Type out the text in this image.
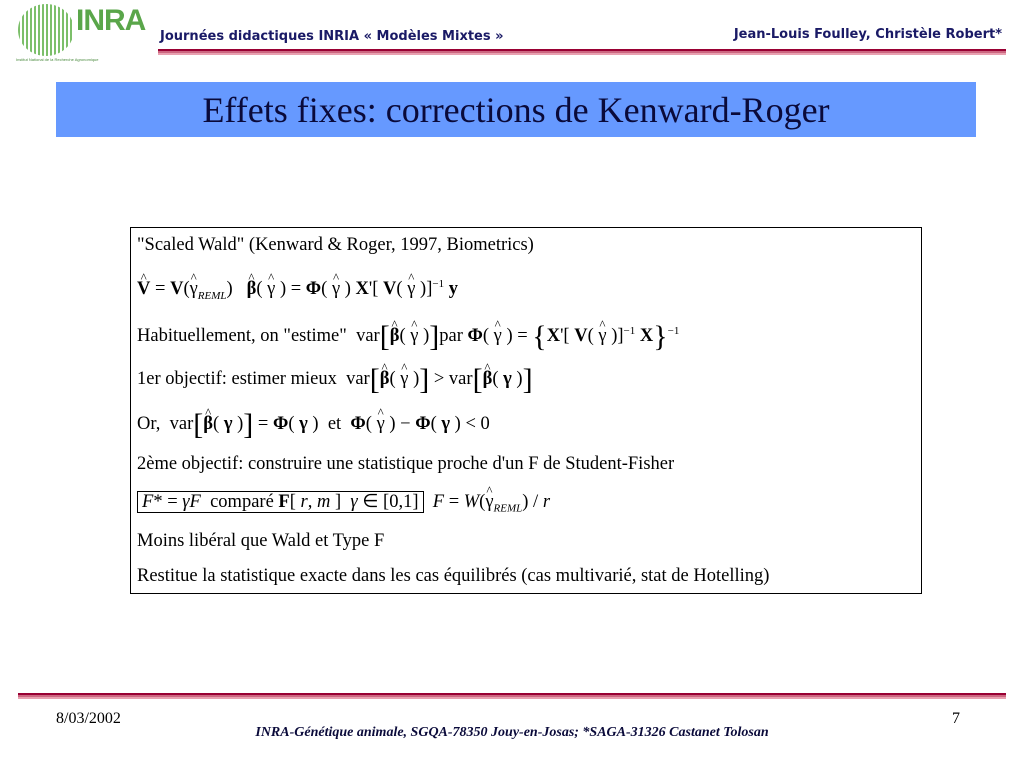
INRA
Institut National de la Recherche Agronomique
Journées didactiques INRIA « Modèles Mixtes »	Jean-Louis Foulley, Christèle Robert*
Effets fixes: corrections de Kenward-Roger
"Scaled Wald" (Kenward & Roger, 1997, Biometrics)
^ V = V(^ $\gamma_{REML}$)   ^ β( ^ γ ) = Φ( ^ γ ) X'[ V( ^ γ )]$^{-1}$ y
Habituellement, on "estime"  var[^ β( ^ γ )]par Φ( ^ γ ) = {X'[ V( ^ γ )]$^{-1}$ X}$^{-1}$
1er objectif: estimer mieux  var[^ β( ^ γ )] > var[^ β( γ )]
Or,  var[^ β( γ )] = Φ( γ )  et Φ( ^ γ ) − Φ( γ ) < 0
2ème objectif: construire une statistique proche d'un F de Student-Fisher
F* = γF comparé F[ r, m ]  γ ∈ [0,1] F = W(^ $\gamma_{REML}$) / r
Moins libéral que Wald et Type F
Restitue la statistique exacte dans les cas équilibrés (cas multivarié, stat de Hotelling)
8/03/2002	7
INRA-Génétique animale, SGQA-78350 Jouy-en-Josas; *SAGA-31326 Castanet Tolosan
